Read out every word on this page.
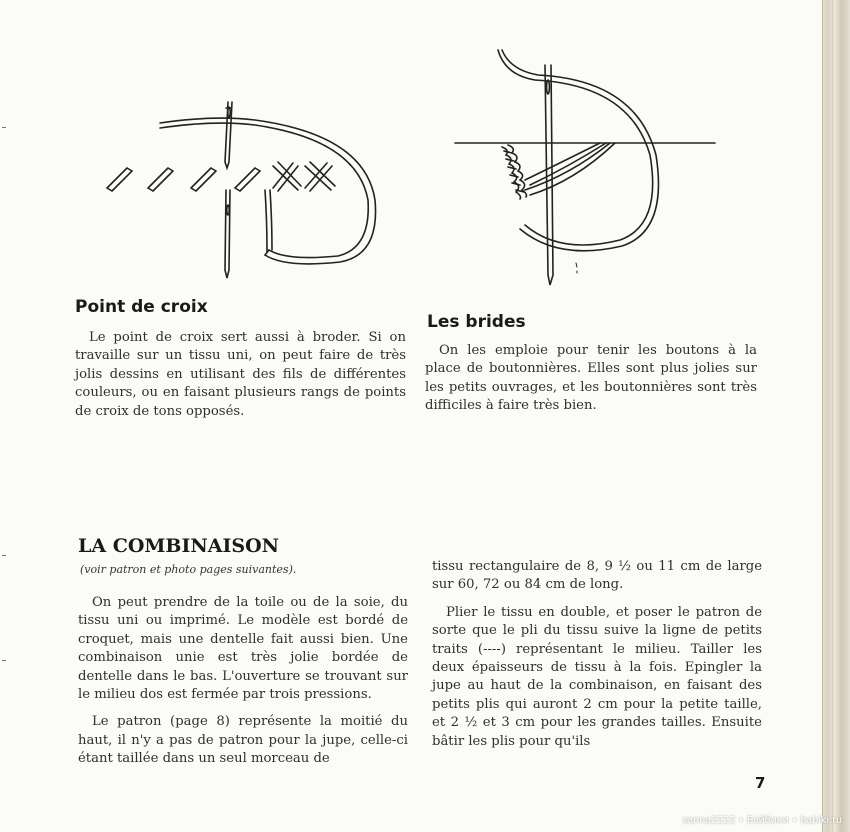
Point de croix

Le point de croix sert aussi à broder. Si on travaille sur un tissu uni, on peut faire de très jolis dessins en utilisant des fils de différentes couleurs, ou en faisant plusieurs rangs de points de croix de tons opposés.

Les brides

On les emploie pour tenir les boutons à la place de boutonnières. Elles sont plus jolies sur les petits ouvrages, et les boutonnières sont très difficiles à faire très bien.

LA COMBINAISON
(voir patron et photo pages suivantes).

On peut prendre de la toile ou de la soie, du tissu uni ou imprimé. Le modèle est bordé de croquet, mais une dentelle fait aussi bien. Une combinaison unie est très jolie bordée de dentelle dans le bas. L'ouverture se trouvant sur le milieu dos est fermée par trois pressions.

Le patron (page 8) représente la moitié du haut, il n'y a pas de patron pour la jupe, celle-ci étant taillée dans un seul morceau de

tissu rectangulaire de 8, 9 ½ ou 11 cm de large sur 60, 72 ou 84 cm de long.

Plier le tissu en double, et poser le patron de sorte que le pli du tissu suive la ligne de petits traits (----) représentant le milieu. Tailler les deux épaisseurs de tissu à la fois. Epingler la jupe au haut de la combinaison, en faisant des petits plis qui auront 2 cm pour la petite taille, et 2 ½ et 3 cm pour les grandes tailles. Ensuite bâtir les plis pour qu'ils

7
sanna2222 • Бэйбики • babiki.ru
